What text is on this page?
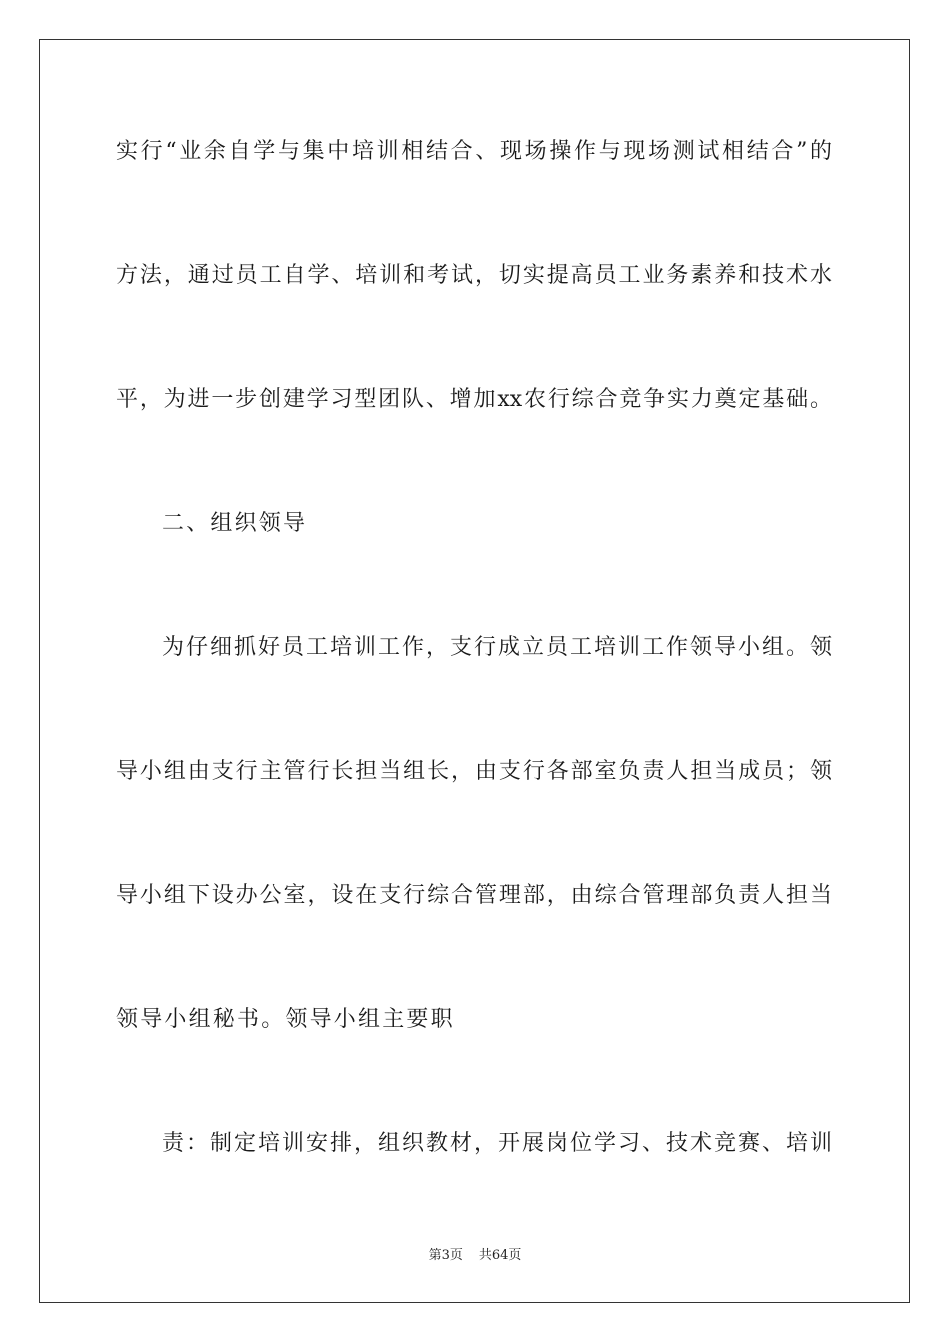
实行“业余自学与集中培训相结合、现场操作与现场测试相结合”的
方法，通过员工自学、培训和考试，切实提高员工业务素养和技术水
平，为进一步创建学习型团队、增加xx农行综合竞争实力奠定基础。
二、组织领导
为仔细抓好员工培训工作，支行成立员工培训工作领导小组。领
导小组由支行主管行长担当组长，由支行各部室负责人担当成员；领
导小组下设办公室，设在支行综合管理部，由综合管理部负责人担当
领导小组秘书。领导小组主要职
责：制定培训安排，组织教材，开展岗位学习、技术竞赛、培训
第3页 共64页
